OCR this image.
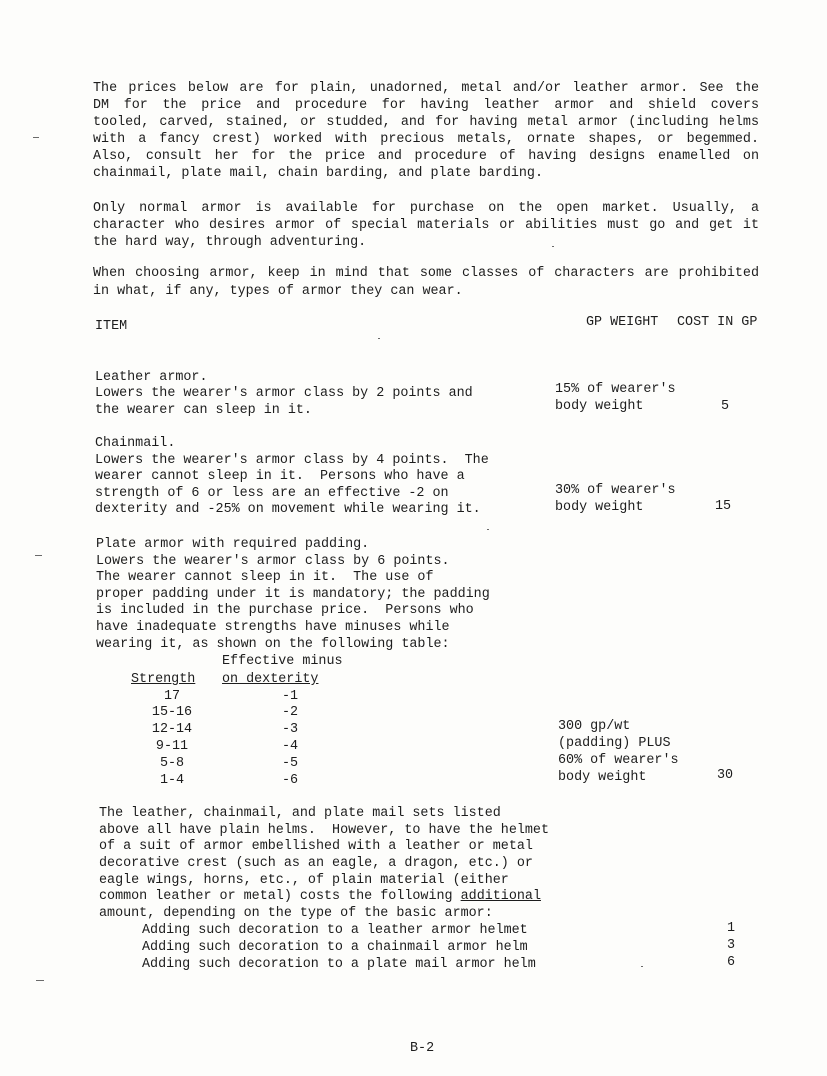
The prices below are for plain, unadorned, metal and/or leather armor. See the
DM for the price and procedure for having leather armor and shield covers
tooled, carved, stained, or studded, and for having metal armor (including helms
with a fancy crest) worked with precious metals, ornate shapes, or begemmed.
Also, consult her for the price and procedure of having designs enamelled on
chainmail, plate mail, chain barding, and plate barding.
Only normal armor is available for purchase on the open market. Usually, a
character who desires armor of special materials or abilities must go and get it
the hard way, through adventuring.
When choosing armor, keep in mind that some classes of characters are prohibited
in what, if any, types of armor they can wear.
ITEM	GP WEIGHT COST IN GP
Leather armor.
Lowers the wearer's armor class by 2 points and
the wearer can sleep in it.
15% of wearer's
body weight	5
Chainmail.
Lowers the wearer's armor class by 4 points.  The
wearer cannot sleep in it.  Persons who have a
strength of 6 or less are an effective -2 on
dexterity and -25% on movement while wearing it.
30% of wearer's
body weight	15
Plate armor with required padding.
Lowers the wearer's armor class by 6 points.
The wearer cannot sleep in it.  The use of
proper padding under it is mandatory; the padding
is included in the purchase price.  Persons who
have inadequate strengths have minuses while
wearing it, as shown on the following table:
Effective minus
Strength on dexterity
17	-1
15-16	-2
12-14	-3
9-11	-4
5-8	-5
1-4	-6
300 gp/wt
(padding) PLUS
60% of wearer's
body weight	30
The leather, chainmail, and plate mail sets listed
above all have plain helms.  However, to have the helmet
of a suit of armor embellished with a leather or metal
decorative crest (such as an eagle, a dragon, etc.) or
eagle wings, horns, etc., of plain material (either
common leather or metal) costs the following additional
amount, depending on the type of the basic armor:
Adding such decoration to a leather armor helmet	1
Adding such decoration to a chainmail armor helm	3
Adding such decoration to a plate mail armor helm	6
B-2
